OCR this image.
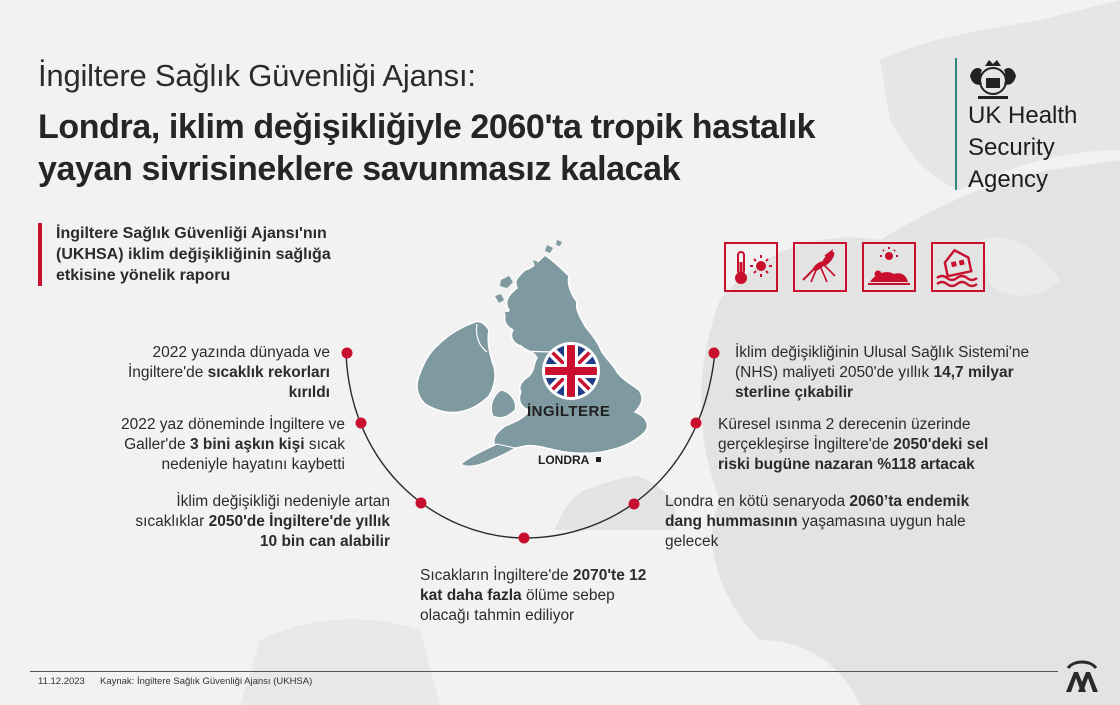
İngiltere Sağlık Güvenliği Ajansı:
Londra, iklim değişikliğiyle 2060'ta tropik hastalık yayan sivrisineklere savunmasız kalacak
UK Health
Security
Agency
İngiltere Sağlık Güvenliği Ajansı'nın (UKHSA) iklim değişikliğinin sağlığa etkisine yönelik raporu
İNGİLTERE
LONDRA
2022 yazında dünyada ve İngiltere'de sıcaklık rekorları kırıldı
2022 yaz döneminde İngiltere ve Galler'de 3 bini aşkın kişi sıcak nedeniyle hayatını kaybetti
İklim değişikliği nedeniyle artan sıcaklıklar 2050'de İngiltere'de yıllık 10 bin can alabilir
Sıcakların İngiltere'de 2070'te 12 kat daha fazla ölüme sebep olacağı tahmin ediliyor
İklim değişikliğinin Ulusal Sağlık Sistemi'ne (NHS) maliyeti 2050'de yıllık 14,7 milyar sterline çıkabilir
Küresel ısınma 2 derecenin üzerinde gerçekleşirse İngiltere'de 2050'deki sel riski bugüne nazaran %118 artacak
Londra en kötü senaryoda 2060’ta endemik dang hummasının yaşamasına uygun hale gelecek
11.12.2023 Kaynak: İngiltere Sağlık Güvenliği Ajansı (UKHSA)
